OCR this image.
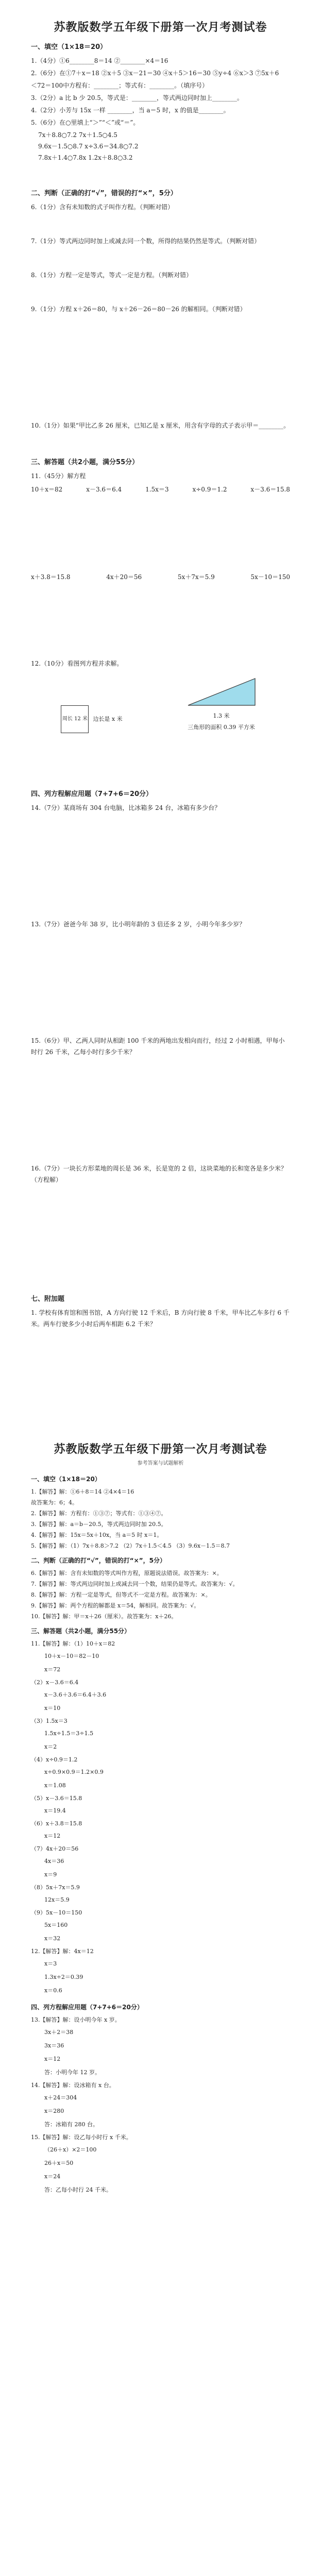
苏教版数学五年级下册第一次月考测试卷
一、填空（1×18＝20）
1.（4分）①6________8＝14 ②________×4＝16
2.（6分）在①7＋x＝18 ②x＋5 ③x－21＝30 ④x＋5＞16＝30 ⑤y÷4 ⑥x＞3 ⑦5x＋6
＜72＝100中方程有：________；等式有：________。（填序号）
3.（2分）a 比 b 少 20.5，等式是：________，等式两边同时加上________。
4.（2分）小芳与 15x 一样 ________，当 a＝5 时，x 的值是________。
5.（6分）在○里填上“＞”“＜”或“＝”。
7x＋8.8○7.2 7x＋1.5○4.5
9.6x－1.5○8.7 x÷3.6＝34.8○7.2
7.8x＋1.4○7.8x 1.2x＋8.8○3.2
二、判断（正确的打“√”，错误的打“×”，5分）
6.（1分）含有未知数的式子叫作方程。（判断对错）
7.（1分）等式两边同时加上或减去同一个数，所得的结果仍然是等式。（判断对错）
8.（1分）方程一定是等式，等式一定是方程。（判断对错）
9.（1分）方程 x＋26＝80，与 x＋26－26＝80－26 的解相同。（判断对错）
10.（1分）如果“甲比乙多 26 厘米，已知乙是 x 厘米，用含有字母的式子表示甲＝________。
三、解答题（共2小题，满分55分）
11.（45分）解方程
10＋x＝82	x－3.6＝6.4	1.5x＝3	x÷0.9＝1.2	x－3.6＝15.8
x＋3.8＝15.8	4x＋20＝56	5x＋7x＝5.9	5x－10＝150
12.（10分）看图列方程并求解。
周长 12 米 边长是 x 米	1.3 米
三角形的面积 0.39 平方米
四、列方程解应用题（7+7+6＝20分）
14.（7分）某商场有 304 台电脑，比冰箱多 24 台，冰箱有多少台？
13.（7分）爸爸今年 38 岁，比小明年龄的 3 倍还多 2 岁，小明今年多少岁？
15.（6分）甲、乙两人同时从相距 100 千米的两地出发相向而行，经过 2 小时相遇，甲每小时行 26 千米，乙每小时行多少千米？
16.（7分）一块长方形菜地的周长是 36 米，长是宽的 2 倍，这块菜地的长和宽各是多少米？（方程解）
七、附加题
1. 学校有体育馆和图书馆，A 方向行驶 12 千米后，B 方向行驶 8 千米，甲车比乙车多行 6 千米。两车行驶多少小时后两车相距 6.2 千米？
苏教版数学五年级下册第一次月考测试卷
参考答案与试题解析
一、填空（1×18＝20）
1.【解答】解：①6＋8＝14 ②4×4＝16
故答案为：6；4。
2.【解答】解：方程有：①③⑦；等式有：①③④⑦。
3.【解答】解：a＝b－20.5，等式两边同时加 20.5。
4.【解答】解：15x＝5x＋10x，当 a＝5 时 x＝1。
5.【解答】解：（1）7x＋8.8＞7.2 （2）7x＋1.5＜4.5 （3）9.6x－1.5＝8.7
二、判断（正确的打“√”，错误的打“×”，5分）
6.【解答】解：含有未知数的等式叫作方程，原题说法错误。故答案为：×。
7.【解答】解：等式两边同时加上或减去同一个数，结果仍是等式。故答案为：√。
8.【解答】解：方程一定是等式，但等式不一定是方程。故答案为：×。
9.【解答】解：两个方程的解都是 x＝54，解相同。故答案为：√。
10.【解答】解：甲＝x＋26（厘米）。故答案为：x＋26。
三、解答题（共2小题，满分55分）
11.【解答】解：（1）10＋x＝82
10＋x－10＝82－10
x＝72
（2）x－3.6＝6.4
x－3.6＋3.6＝6.4＋3.6
x＝10
（3）1.5x＝3
1.5x÷1.5＝3÷1.5
x＝2
（4）x÷0.9＝1.2
x÷0.9×0.9＝1.2×0.9
x＝1.08
（5）x－3.6＝15.8
x＝19.4
（6）x＋3.8＝15.8
x＝12
（7）4x＋20＝56
4x＝36
x＝9
（8）5x＋7x＝5.9
12x＝5.9
（9）5x－10＝150
5x＝160
x＝32
12.【解答】解：4x＝12
x＝3
1.3x÷2＝0.39
x＝0.6
四、列方程解应用题（7+7+6＝20分）
13.【解答】解：设小明今年 x 岁。
3x＋2＝38
3x＝36
x＝12
答：小明今年 12 岁。
14.【解答】解：设冰箱有 x 台。
x＋24＝304
x＝280
答：冰箱有 280 台。
15.【解答】解：设乙每小时行 x 千米。
（26＋x）×2＝100
26＋x＝50
x＝24
答：乙每小时行 24 千米。
